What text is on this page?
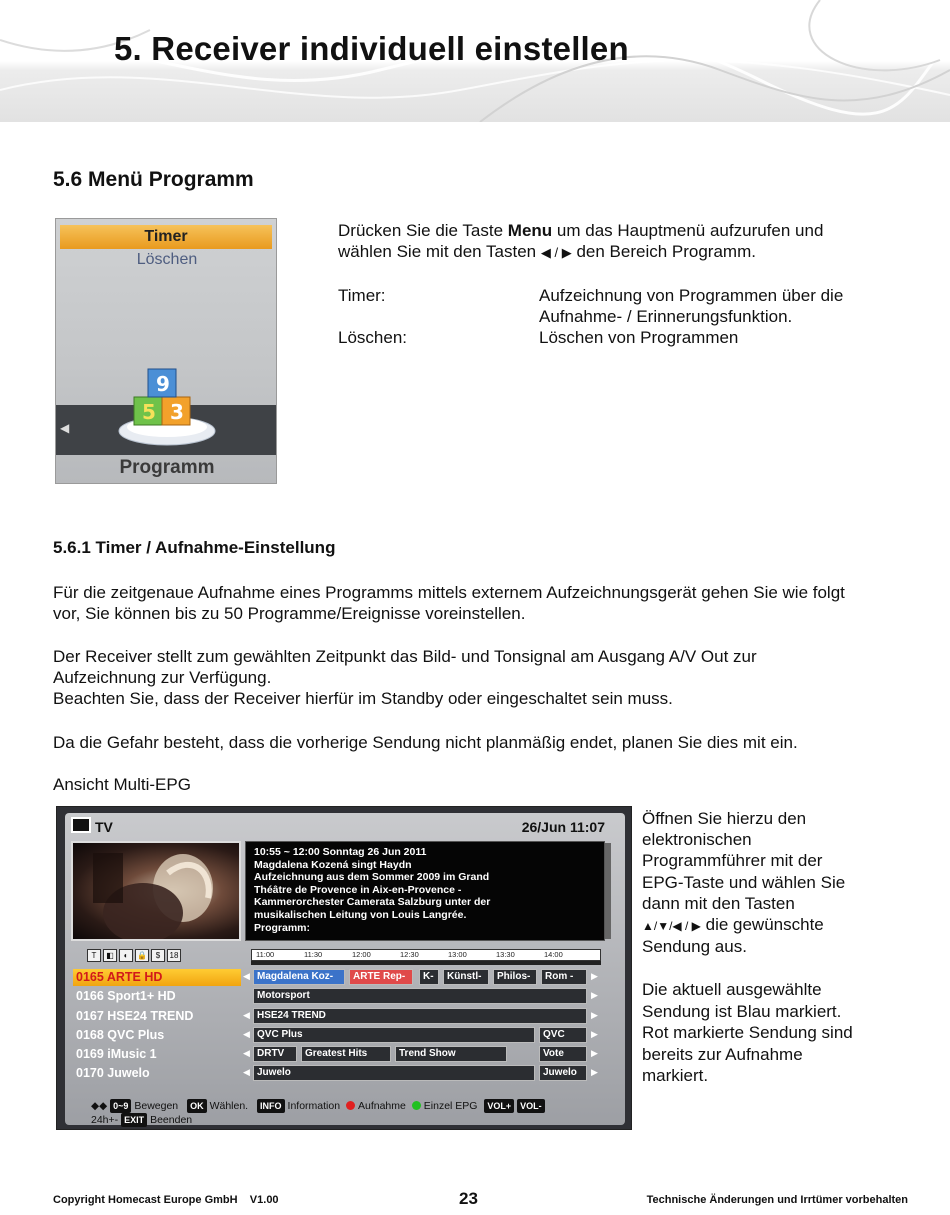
5. Receiver individuell einstellen
5.6 Menü Programm
Timer
Löschen
◀
5 3
9
Programm
Drücken Sie die Taste Menu um das Hauptmenü aufzurufen und
wählen Sie mit den Tasten ◀ / ▶ den Bereich Programm.
Timer:	Aufzeichnung von Programmen über die
Aufnahme- / Erinnerungsfunktion.
Löschen:	Löschen von Programmen
5.6.1 Timer / Aufnahme-Einstellung
Für die zeitgenaue Aufnahme eines Programms mittels externem Aufzeichnungsgerät gehen Sie wie folgt
vor, Sie können bis zu 50 Programme/Ereignisse voreinstellen.
Der Receiver stellt zum gewählten Zeitpunkt das Bild- und Tonsignal am Ausgang A/V Out zur
Aufzeichnung zur Verfügung.
Beachten Sie, dass der Receiver hierfür im Standby oder eingeschaltet sein muss.
Da die Gefahr besteht, dass die vorherige Sendung nicht planmäßig endet, planen Sie dies mit ein.
Ansicht Multi-EPG
TV	26/Jun 11:07
10:55 ~ 12:00 Sonntag 26 Jun 2011
Magdalena Kozená singt Haydn
Aufzeichnung aus dem Sommer 2009 im Grand
Théâtre de Provence in Aix-en-Provence -
Kammerorchester Camerata Salzburg unter der
musikalischen Leitung von Louis Langrée.
Programm:
T ◧ ◐ 🔒 $ 18	11:00	11:30	12:00	12:30	13:00	13:30	14:00
0165 ARTE HD	◀ Magdalena Koz-	ARTE Rep-	K-	Künstl-	Philos-	Rom -	▶
0166 Sport1+ HD	Motorsport	▶
0167 HSE24 TREND	◀ HSE24 TREND	▶
0168 QVC Plus	◀ QVC Plus	QVC	▶
0169 iMusic 1	◀ DRTV	Greatest Hits	Trend Show	Vote	▶
0170 Juwelo	◀ Juwelo	Juwelo	▶
◆◆ 0~9 Bewegen OK Wählen. INFO Information Aufnahme Einzel EPG VOL+ VOL-
24h+- EXIT Beenden
Öffnen Sie hierzu den
elektronischen
Programmführer mit der
EPG-Taste und wählen Sie
dann mit den Tasten
▲/▼/◀ / ▶ die gewünschte
Sendung aus.
Die aktuell ausgewählte
Sendung ist Blau markiert.
Rot markierte Sendung sind
bereits zur Aufnahme
markiert.
Copyright Homecast Europe GmbH    V1.00	23	Technische Änderungen und Irrtümer vorbehalten
